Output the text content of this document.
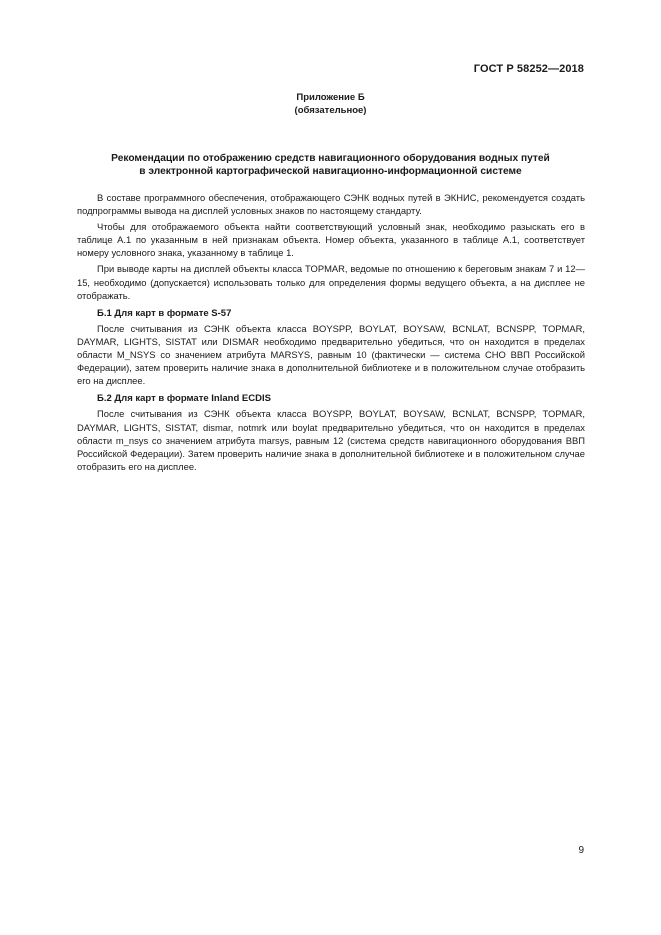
ГОСТ Р 58252—2018
Приложение Б
(обязательное)
Рекомендации по отображению средств навигационного оборудования водных путей
в электронной картографической навигационно-информационной системе

В составе программного обеспечения, отображающего СЭНК водных путей в ЭКНИС, рекомендуется создать подпрограммы вывода на дисплей условных знаков по настоящему стандарту.

Чтобы для отображаемого объекта найти соответствующий условный знак, необходимо разыскать его в таблице А.1 по указанным в ней признакам объекта. Номер объекта, указанного в таблице А.1, соответствует номеру условного знака, указанному в таблице 1.

При выводе карты на дисплей объекты класса TOPMAR, ведомые по отношению к береговым знакам 7 и 12—15, необходимо (допускается) использовать только для определения формы ведущего объекта, а на дисплее не отображать.

Б.1 Для карт в формате S-57

После считывания из СЭНК объекта класса BOYSPP, BOYLAT, BOYSAW, BCNLAT, BCNSPP, TOPMAR, DAYMAR, LIGHTS, SISTAT или DISMAR необходимо предварительно убедиться, что он находится в пределах области M_NSYS со значением атрибута MARSYS, равным 10 (фактически — система СНО ВВП Российской Федерации), затем проверить наличие знака в дополнительной библиотеке и в положительном случае отобразить его на дисплее.

Б.2 Для карт в формате Inland ECDIS

После считывания из СЭНК объекта класса BOYSPP, BOYLAT, BOYSAW, BCNLAT, BCNSPP, TOPMAR, DAYMAR, LIGHTS, SISTAT, dismar, notmrk или boylat предварительно убедиться, что он находится в пределах области m_nsys со значением атрибута marsys, равным 12 (система средств навигационного оборудования ВВП Российской Федерации). Затем проверить наличие знака в дополнительной библиотеке и в положительном случае отобразить его на дисплее.

9
